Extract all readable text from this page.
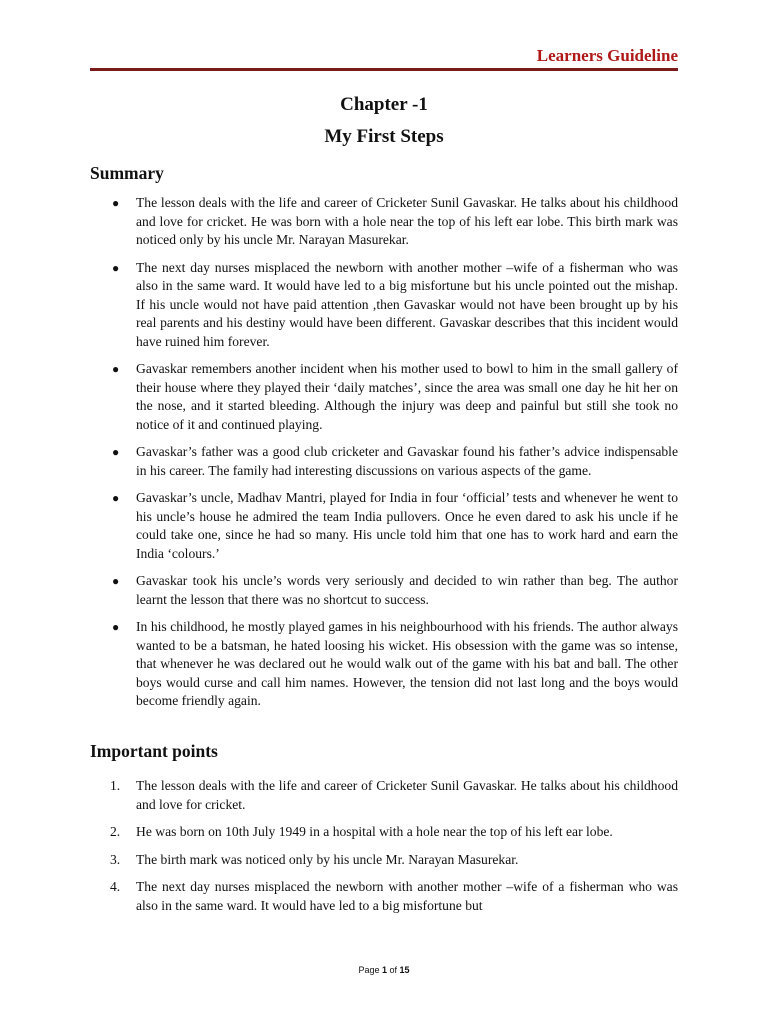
Learners Guideline
Chapter -1
My First Steps
Summary
● The lesson deals with the life and career of Cricketer Sunil Gavaskar. He talks about his childhood and love for cricket. He was born with a hole near the top of his left ear lobe. This birth mark was noticed only by his uncle Mr. Narayan Masurekar.
● The next day nurses misplaced the newborn with another mother –wife of a fisherman who was also in the same ward. It would have led to a big misfortune but his uncle pointed out the mishap. If his uncle would not have paid attention ,then Gavaskar would not have been brought up by his real parents and his destiny would have been different. Gavaskar describes that this incident would have ruined him forever.
● Gavaskar remembers another incident when his mother used to bowl to him in the small gallery of their house where they played their ‘daily matches’, since the area was small one day he hit her on the nose, and it started bleeding. Although the injury was deep and painful but still she took no notice of it and continued playing.
● Gavaskar’s father was a good club cricketer and Gavaskar found his father’s advice indispensable in his career. The family had interesting discussions on various aspects of the game.
● Gavaskar’s uncle, Madhav Mantri, played for India in four ‘official’ tests and whenever he went to his uncle’s house he admired the team India pullovers. Once he even dared to ask his uncle if he could take one, since he had so many. His uncle told him that one has to work hard and earn the India ‘colours.’
● Gavaskar took his uncle’s words very seriously and decided to win rather than beg. The author learnt the lesson that there was no shortcut to success.
● In his childhood, he mostly played games in his neighbourhood with his friends. The author always wanted to be a batsman, he hated loosing his wicket. His obsession with the game was so intense, that whenever he was declared out he would walk out of the game with his bat and ball. The other boys would curse and call him names. However, the tension did not last long and the boys would become friendly again.
Important points
1. The lesson deals with the life and career of Cricketer Sunil Gavaskar. He talks about his childhood and love for cricket.
2. He was born on 10th July 1949 in a hospital with a hole near the top of his left ear lobe.
3. The birth mark was noticed only by his uncle Mr. Narayan Masurekar.
4. The next day nurses misplaced the newborn with another mother –wife of a fisherman who was also in the same ward. It would have led to a big misfortune but
Page 1 of 15
